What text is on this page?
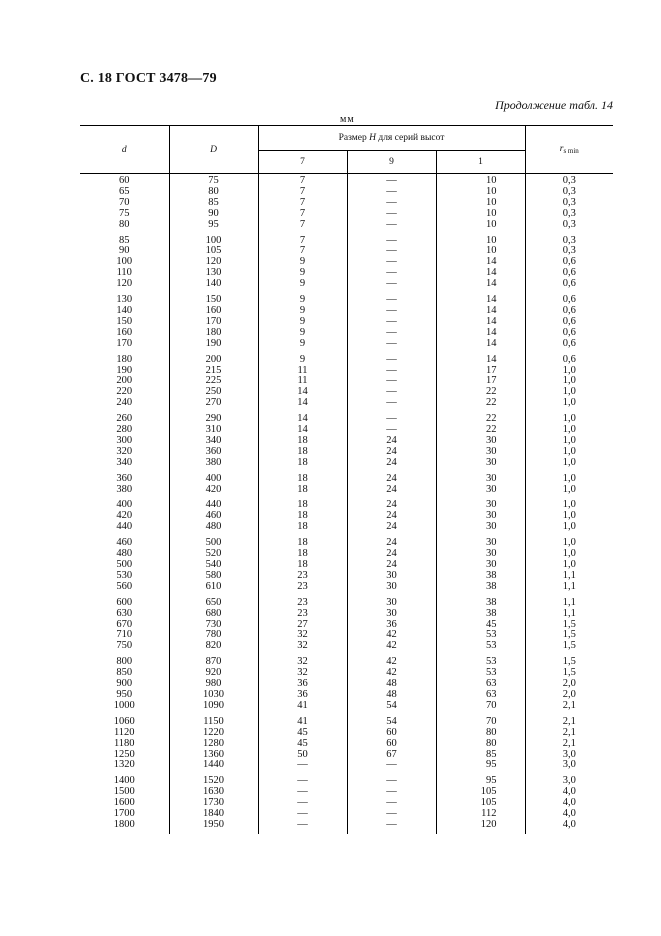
С. 18 ГОСТ 3478—79
Продолжение табл. 14
мм
d	D	Размер H для серий высот			$r_{s min}$
		7	9	1	
60	75	7	—	10	0,3
65	80	7	—	10	0,3
70	85	7	—	10	0,3
75	90	7	—	10	0,3
80	95	7	—	10	0,3
85	100	7	—	10	0,3
90	105	7	—	10	0,3
100	120	9	—	14	0,6
110	130	9	—	14	0,6
120	140	9	—	14	0,6
130	150	9	—	14	0,6
140	160	9	—	14	0,6
150	170	9	—	14	0,6
160	180	9	—	14	0,6
170	190	9	—	14	0,6
180	200	9	—	14	0,6
190	215	11	—	17	1,0
200	225	11	—	17	1,0
220	250	14	—	22	1,0
240	270	14	—	22	1,0
260	290	14	—	22	1,0
280	310	14	—	22	1,0
300	340	18	24	30	1,0
320	360	18	24	30	1,0
340	380	18	24	30	1,0
360	400	18	24	30	1,0
380	420	18	24	30	1,0
400	440	18	24	30	1,0
420	460	18	24	30	1,0
440	480	18	24	30	1,0
460	500	18	24	30	1,0
480	520	18	24	30	1,0
500	540	18	24	30	1,0
530	580	23	30	38	1,1
560	610	23	30	38	1,1
600	650	23	30	38	1,1
630	680	23	30	38	1,1
670	730	27	36	45	1,5
710	780	32	42	53	1,5
750	820	32	42	53	1,5
800	870	32	42	53	1,5
850	920	32	42	53	1,5
900	980	36	48	63	2,0
950	1030	36	48	63	2,0
1000	1090	41	54	70	2,1
1060	1150	41	54	70	2,1
1120	1220	45	60	80	2,1
1180	1280	45	60	80	2,1
1250	1360	50	67	85	3,0
1320	1440	—	—	95	3,0
1400	1520	—	—	95	3,0
1500	1630	—	—	105	4,0
1600	1730	—	—	105	4,0
1700	1840	—	—	112	4,0
1800	1950	—	—	120	4,0
